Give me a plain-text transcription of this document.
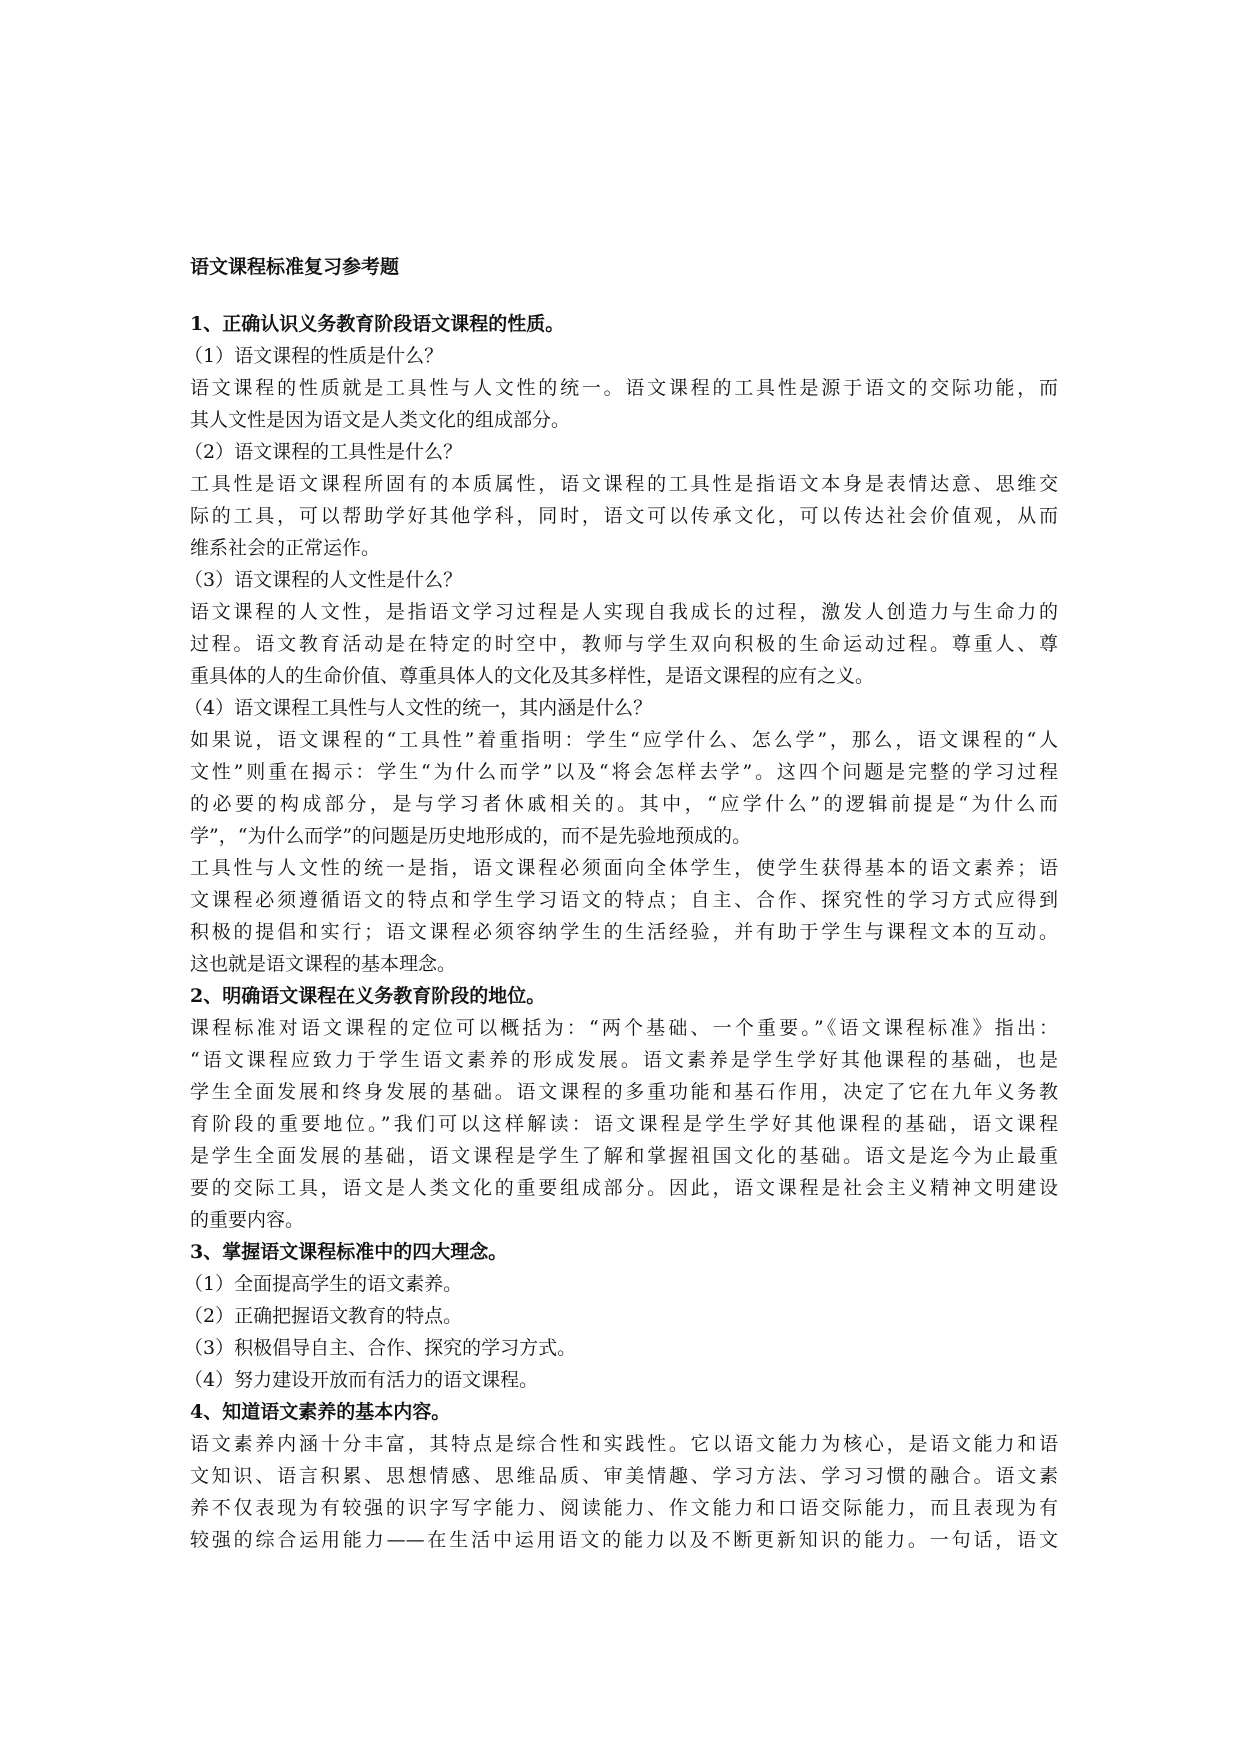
语文课程标准复习参考题

1、正确认识义务教育阶段语文课程的性质。

（1）语文课程的性质是什么？

语文课程的性质就是工具性与人文性的统一。语文课程的工具性是源于语文的交际功能，而
其人文性是因为语文是人类文化的组成部分。

（2）语文课程的工具性是什么？

工具性是语文课程所固有的本质属性，语文课程的工具性是指语文本身是表情达意、思维交
际的工具，可以帮助学好其他学科，同时，语文可以传承文化，可以传达社会价值观，从而
维系社会的正常运作。

（3）语文课程的人文性是什么？

语文课程的人文性，是指语文学习过程是人实现自我成长的过程，激发人创造力与生命力的
过程。语文教育活动是在特定的时空中，教师与学生双向积极的生命运动过程。尊重人、尊
重具体的人的生命价值、尊重具体人的文化及其多样性，是语文课程的应有之义。

（4）语文课程工具性与人文性的统一，其内涵是什么？

如果说，语文课程的“工具性”着重指明：学生“应学什么、怎么学”，那么，语文课程的“人
文性”则重在揭示：学生“为什么而学”以及“将会怎样去学”。这四个问题是完整的学习过程
的必要的构成部分，是与学习者休戚相关的。其中，“应学什么”的逻辑前提是“为什么而
学”，“为什么而学”的问题是历史地形成的，而不是先验地预成的。

工具性与人文性的统一是指，语文课程必须面向全体学生，使学生获得基本的语文素养；语
文课程必须遵循语文的特点和学生学习语文的特点；自主、合作、探究性的学习方式应得到
积极的提倡和实行；语文课程必须容纳学生的生活经验，并有助于学生与课程文本的互动。
这也就是语文课程的基本理念。

2、明确语文课程在义务教育阶段的地位。

课程标准对语文课程的定位可以概括为：“两个基础、一个重要。”《语文课程标准》指出：
“语文课程应致力于学生语文素养的形成发展。语文素养是学生学好其他课程的基础，也是
学生全面发展和终身发展的基础。语文课程的多重功能和基石作用，决定了它在九年义务教
育阶段的重要地位。”我们可以这样解读：语文课程是学生学好其他课程的基础，语文课程
是学生全面发展的基础，语文课程是学生了解和掌握祖国文化的基础。语文是迄今为止最重
要的交际工具，语文是人类文化的重要组成部分。因此，语文课程是社会主义精神文明建设
的重要内容。

3、掌握语文课程标准中的四大理念。

（1）全面提高学生的语文素养。

（2）正确把握语文教育的特点。

（3）积极倡导自主、合作、探究的学习方式。

（4）努力建设开放而有活力的语文课程。

4、知道语文素养的基本内容。

语文素养内涵十分丰富，其特点是综合性和实践性。它以语文能力为核心，是语文能力和语
文知识、语言积累、思想情感、思维品质、审美情趣、学习方法、学习习惯的融合。语文素
养不仅表现为有较强的识字写字能力、阅读能力、作文能力和口语交际能力，而且表现为有
较强的综合运用能力——在生活中运用语文的能力以及不断更新知识的能力。一句话，语文
